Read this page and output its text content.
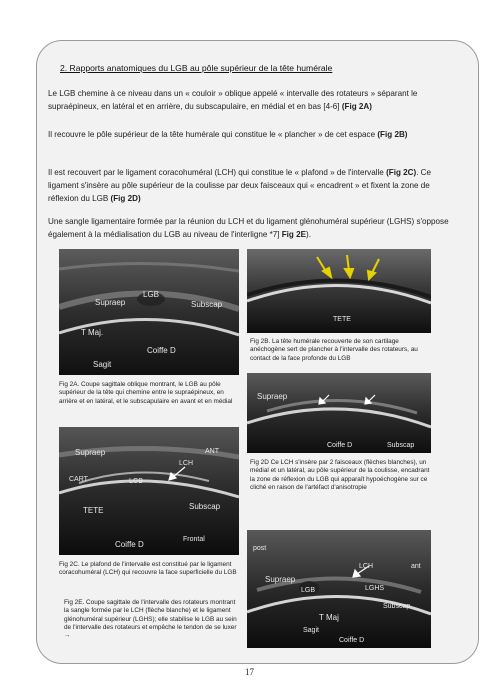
2. Rapports anatomiques du LGB au pôle supérieur de la tête humérale
Le LGB chemine à ce niveau dans un « couloir » oblique appelé « intervalle des rotateurs » séparant le supraépineux, en latéral et en arrière, du subscapulaire, en médial et en bas [4-6] (Fig 2A)
Il recouvre le pôle supérieur de la tête humérale qui constitue le « plancher » de cet espace (Fig 2B)
Il est recouvert par le ligament coracohuméral (LCH) qui constitue le « plafond » de l'intervalle (Fig 2C). Ce ligament s'insère au pôle supérieur de la coulisse par deux faisceaux qui « encadrent » et fixent la zone de réflexion du LGB (Fig 2D)
Une sangle ligamentaire formée par la réunion du LCH et du ligament glénohuméral supérieur (LGHS) s'oppose également à la médialisation du LGB au niveau de l'interligne *7] Fig 2E).
Supraep
LGB
Subscap
T Maj.
Coiffe D
Sagit
Fig 2A. Coupe sagittale oblique montrant, le LGB au pôle supérieur de la tête qui chemine entre le supraépineux, en arrière et en latéral, et le subscapulaire en avant et en médial
TETE
Fig 2B. La tête humérale recouverte de son cartilage anéchogène sert de plancher à l'intervalle des rotateurs, au contact de la face profonde du LGB
Supraep	ANT
CART
LCH
LGB
TETE	Subscap
Coiffe D
Frontal
Fig 2C. Le plafond de l'intervalle est constitué par le ligament coracohuméral (LCH) qui recouvre la face superficielle du LGB
Supraep
Coiffe D	Subscap
Fig 2D Ce LCH s'insère par 2 faisceaux (flèches blanches), un médial et un latéral, au pôle supérieur de la coulisse, encadrant la zone de réflexion du LGB qui apparaît hypoéchogène sur ce cliché en raison de l'artéfact d'anisotropie
post
LCH	ant
Supraep
LGB	LGHS
Subscap
T Maj
Sagit
Coiffe D
Fig 2E. Coupe sagittale de l'intervalle des rotateurs montrant la sangle formée par le LCH (flèche blanche) et le ligament glénohuméral supérieur (LGHS); elle stabilise le LGB au sein de l'intervalle des rotateurs et empêche le tendon de se luxer →
17
